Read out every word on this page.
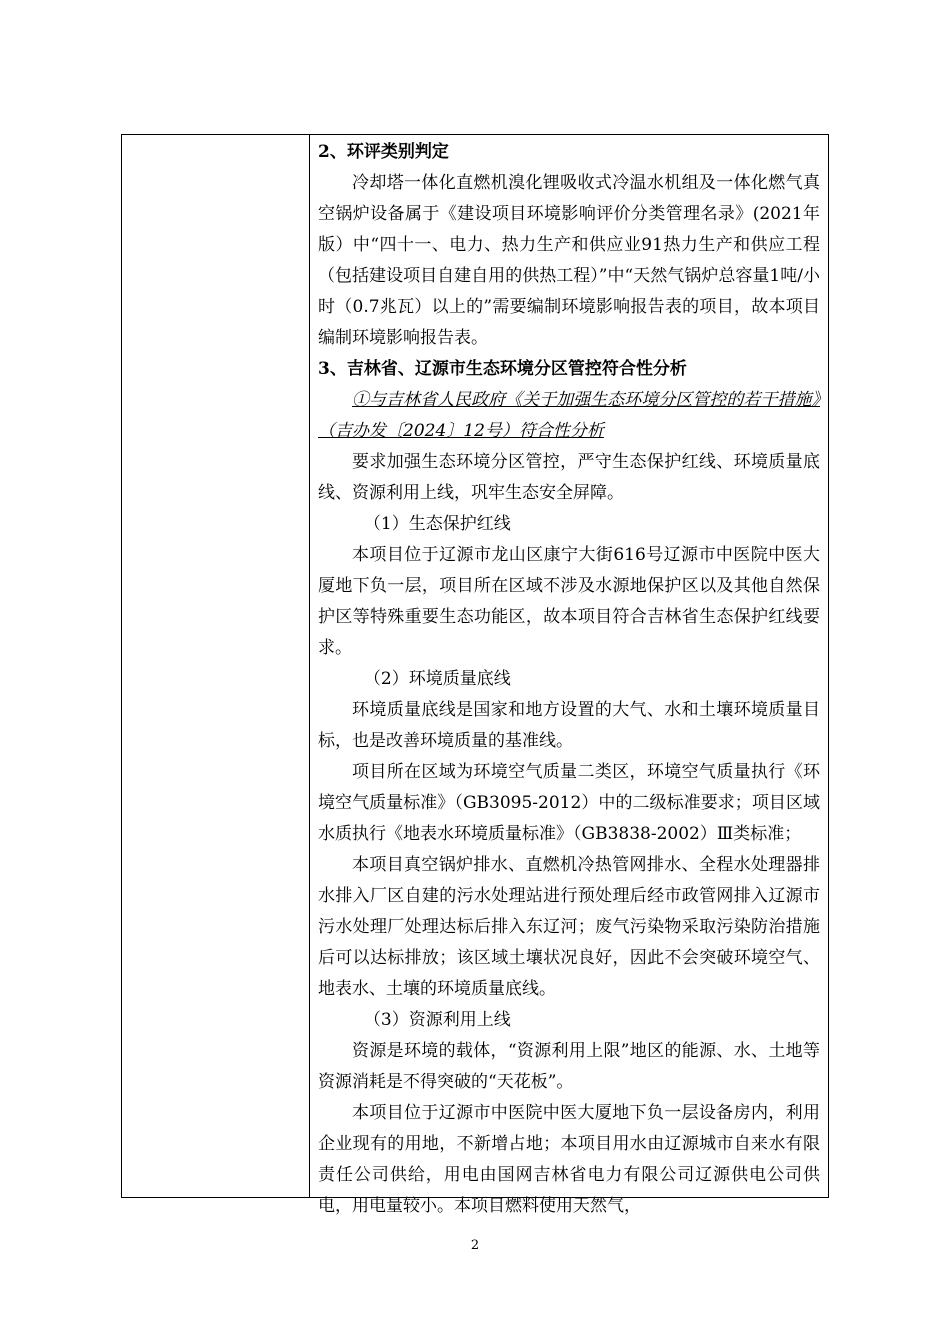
2、环评类别判定

冷却塔一体化直燃机溴化锂吸收式冷温水机组及一体化燃气真空锅炉设备属于《建设项目环境影响评价分类管理名录》(2021年版）中“四十一、电力、热力生产和供应业91热力生产和供应工程（包括建设项目自建自用的供热工程）”中“天然气锅炉总容量1吨/小时（0.7兆瓦）以上的”需要编制环境影响报告表的项目，故本项目编制环境影响报告表。

3、吉林省、辽源市生态环境分区管控符合性分析

①与吉林省人民政府《关于加强生态环境分区管控的若干措施》（吉办发〔2024〕12号）符合性分析

要求加强生态环境分区管控，严守生态保护红线、环境质量底线、资源利用上线，巩牢生态安全屏障。

（1）生态保护红线

本项目位于辽源市龙山区康宁大街616号辽源市中医院中医大厦地下负一层，项目所在区域不涉及水源地保护区以及其他自然保护区等特殊重要生态功能区，故本项目符合吉林省生态保护红线要求。

（2）环境质量底线

环境质量底线是国家和地方设置的大气、水和土壤环境质量目标，也是改善环境质量的基准线。

项目所在区域为环境空气质量二类区，环境空气质量执行《环境空气质量标准》（GB3095-2012）中的二级标准要求；项目区域水质执行《地表水环境质量标准》（GB3838-2002）Ⅲ类标准；

本项目真空锅炉排水、直燃机冷热管网排水、全程水处理器排水排入厂区自建的污水处理站进行预处理后经市政管网排入辽源市污水处理厂处理达标后排入东辽河；废气污染物采取污染防治措施后可以达标排放；该区域土壤状况良好，因此不会突破环境空气、地表水、土壤的环境质量底线。

（3）资源利用上线

资源是环境的载体，“资源利用上限”地区的能源、水、土地等资源消耗是不得突破的“天花板”。

本项目位于辽源市中医院中医大厦地下负一层设备房内，利用企业现有的用地，不新增占地；本项目用水由辽源城市自来水有限责任公司供给，用电由国网吉林省电力有限公司辽源供电公司供电，用电量较小。本项目燃料使用天然气，

2
